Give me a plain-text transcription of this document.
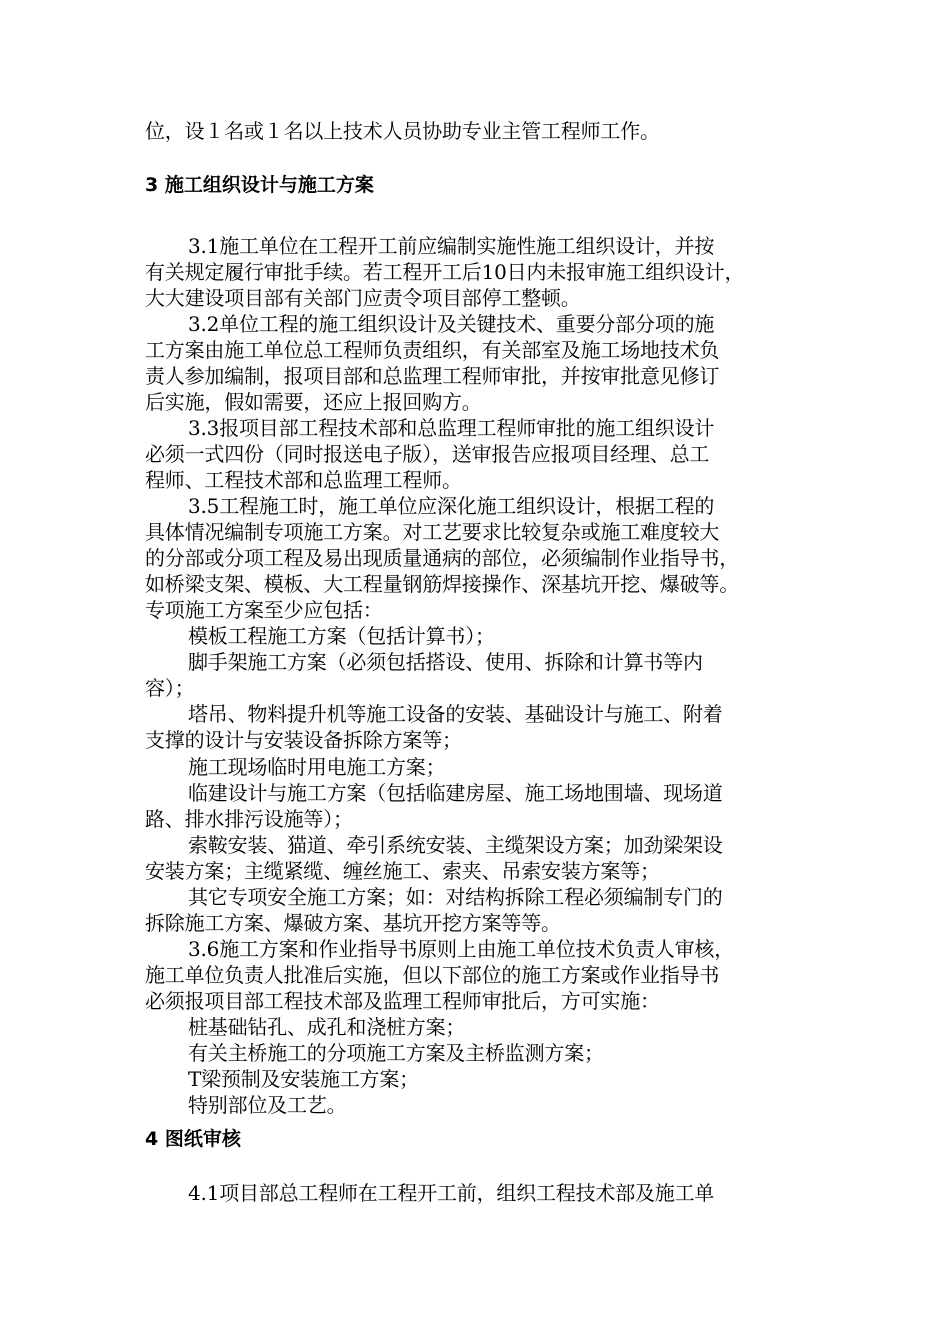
位，设１名或１名以上技术人员协助专业主管工程师工作。
3 施工组织设计与施工方案
3.1施工单位在工程开工前应编制实施性施工组织设计，并按
有关规定履行审批手续。若工程开工后10日内未报审施工组织设计，
大大建设项目部有关部门应责令项目部停工整顿。
3.2单位工程的施工组织设计及关键技术、重要分部分项的施
工方案由施工单位总工程师负责组织，有关部室及施工场地技术负
责人参加编制，报项目部和总监理工程师审批，并按审批意见修订
后实施，假如需要，还应上报回购方。
3.3报项目部工程技术部和总监理工程师审批的施工组织设计
必须一式四份（同时报送电子版），送审报告应报项目经理、总工
程师、工程技术部和总监理工程师。
3.5工程施工时，施工单位应深化施工组织设计，根据工程的
具体情况编制专项施工方案。对工艺要求比较复杂或施工难度较大
的分部或分项工程及易出现质量通病的部位，必须编制作业指导书，
如桥梁支架、模板、大工程量钢筋焊接操作、深基坑开挖、爆破等。
专项施工方案至少应包括：
模板工程施工方案（包括计算书）；
脚手架施工方案（必须包括搭设、使用、拆除和计算书等内
容）；
塔吊、物料提升机等施工设备的安装、基础设计与施工、附着
支撑的设计与安装设备拆除方案等；
施工现场临时用电施工方案；
临建设计与施工方案（包括临建房屋、施工场地围墙、现场道
路、排水排污设施等）；
索鞍安装、猫道、牵引系统安装、主缆架设方案；加劲梁架设
安装方案；主缆紧缆、缠丝施工、索夹、吊索安装方案等；
其它专项安全施工方案；如：对结构拆除工程必须编制专门的
拆除施工方案、爆破方案、基坑开挖方案等等。
3.6施工方案和作业指导书原则上由施工单位技术负责人审核，
施工单位负责人批准后实施，但以下部位的施工方案或作业指导书
必须报项目部工程技术部及监理工程师审批后，方可实施：
桩基础钻孔、成孔和浇桩方案；
有关主桥施工的分项施工方案及主桥监测方案；
T梁预制及安装施工方案；
特别部位及工艺。
4 图纸审核
4.1项目部总工程师在工程开工前，组织工程技术部及施工单
